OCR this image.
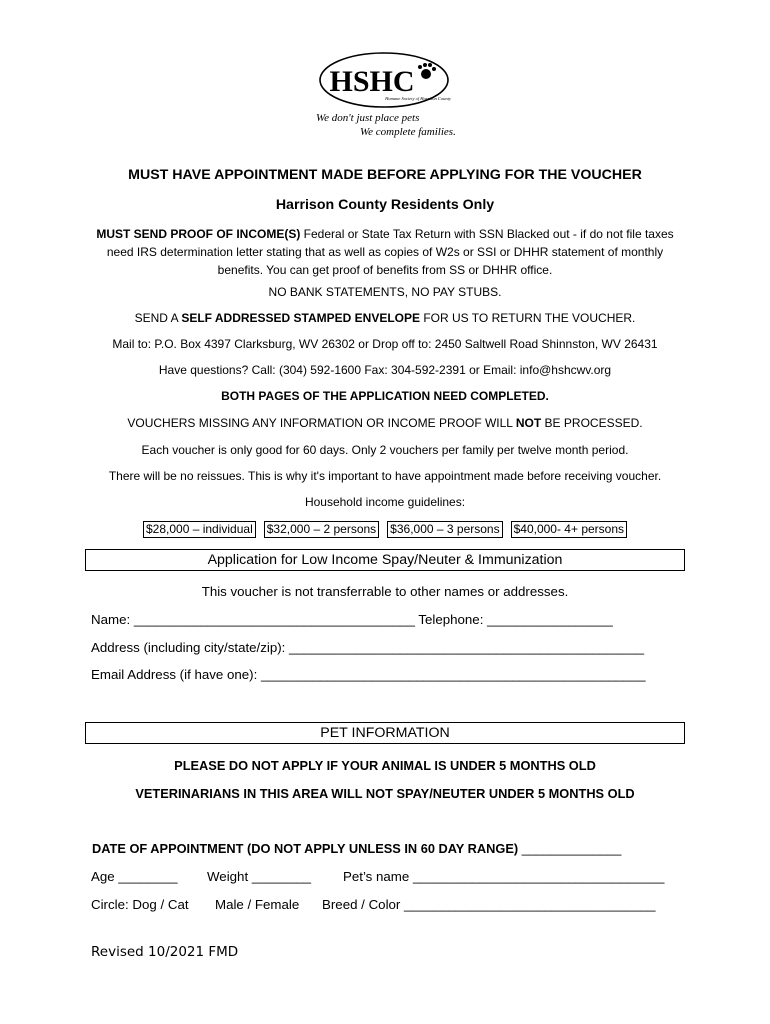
HSHC
Humane Society of Harrison County
We don't just place pets
We complete families.
MUST HAVE APPOINTMENT MADE BEFORE APPLYING FOR THE VOUCHER
Harrison County Residents Only
MUST SEND PROOF OF INCOME(S) Federal or State Tax Return with SSN Blacked out - if do not file taxes need IRS determination letter stating that as well as copies of W2s or SSI or DHHR statement of monthly benefits. You can get proof of benefits from SS or DHHR office.
NO BANK STATEMENTS, NO PAY STUBS.
SEND A SELF ADDRESSED STAMPED ENVELOPE FOR US TO RETURN THE VOUCHER.
Mail to: P.O. Box 4397 Clarksburg, WV 26302 or Drop off to: 2450 Saltwell Road Shinnston, WV 26431
Have questions? Call: (304) 592-1600 Fax: 304-592-2391 or Email: info@hshcwv.org
BOTH PAGES OF THE APPLICATION NEED COMPLETED.
VOUCHERS MISSING ANY INFORMATION OR INCOME PROOF WILL NOT BE PROCESSED.
Each voucher is only good for 60 days. Only 2 vouchers per family per twelve month period.
There will be no reissues. This is why it's important to have appointment made before receiving voucher.
Household income guidelines:
$28,000 – individual $32,000 – 2 persons $36,000 – 3 persons $40,000- 4+ persons
Application for Low Income Spay/Neuter & Immunization
This voucher is not transferrable to other names or addresses.
Name: ______________________________________ Telephone: _________________
Address (including city/state/zip): ________________________________________________
Email Address (if have one): ____________________________________________________
PET INFORMATION
PLEASE DO NOT APPLY IF YOUR ANIMAL IS UNDER 5 MONTHS OLD
VETERINARIANS IN THIS AREA WILL NOT SPAY/NEUTER UNDER 5 MONTHS OLD
DATE OF APPOINTMENT (DO NOT APPLY UNLESS IN 60 DAY RANGE) ______________
Age ________ Weight ________ Pet’s name __________________________________
Circle: Dog / Cat Male / Female Breed / Color __________________________________
Revised 10/2021 FMD
